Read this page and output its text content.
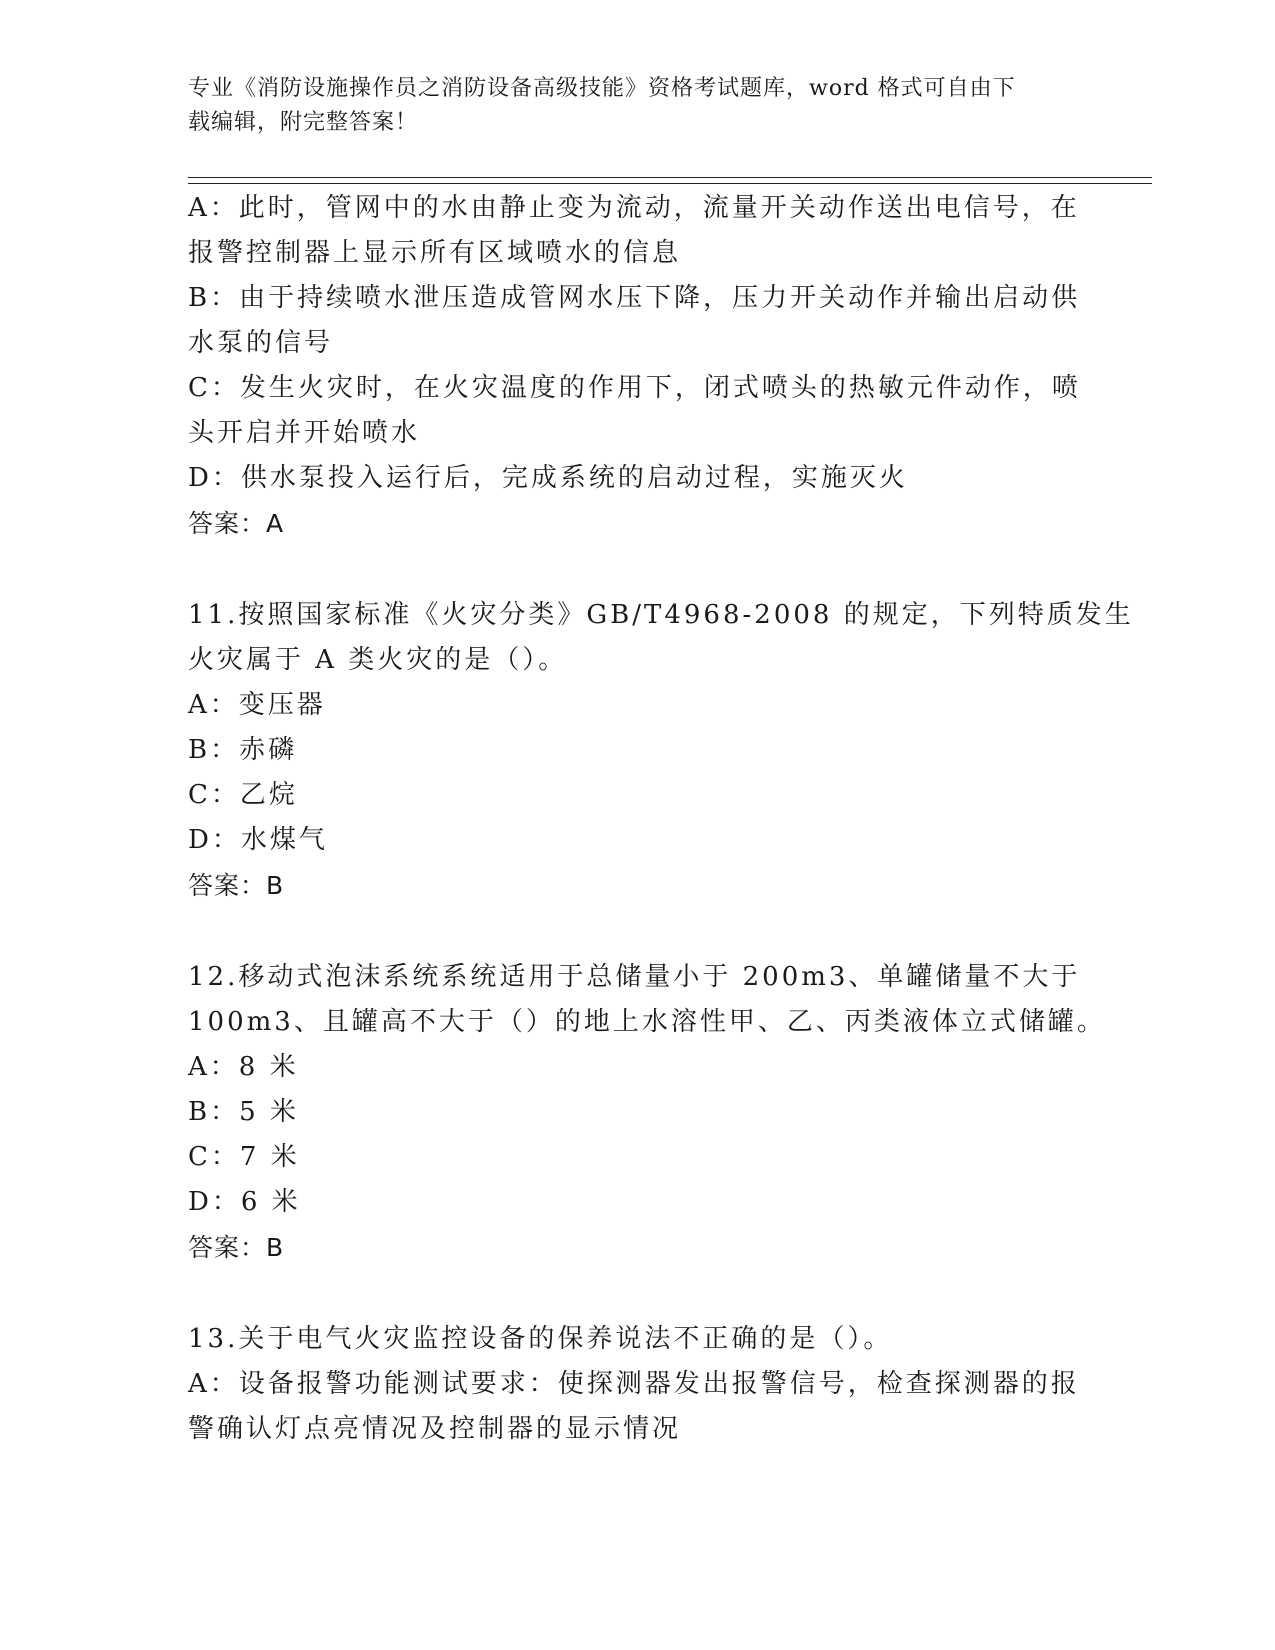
专业《消防设施操作员之消防设备高级技能》资格考试题库，word 格式可自由下
载编辑，附完整答案！
A：此时，管网中的水由静止变为流动，流量开关动作送出电信号，在
报警控制器上显示所有区域喷水的信息
B：由于持续喷水泄压造成管网水压下降，压力开关动作并输出启动供
水泵的信号
C：发生火灾时，在火灾温度的作用下，闭式喷头的热敏元件动作，喷
头开启并开始喷水
D：供水泵投入运行后，完成系统的启动过程，实施灭火
答案：A
11.按照国家标准《火灾分类》GB/T4968-2008 的规定，下列特质发生
火灾属于 A 类火灾的是（）。
A：变压器
B：赤磷
C：乙烷
D：水煤气
答案：B
12.移动式泡沫系统系统适用于总储量小于 200m3、单罐储量不大于
100m3、且罐高不大于（）的地上水溶性甲、乙、丙类液体立式储罐。
A：8 米
B：5 米
C：7 米
D：6 米
答案：B
13.关于电气火灾监控设备的保养说法不正确的是（）。
A：设备报警功能测试要求：使探测器发出报警信号，检查探测器的报
警确认灯点亮情况及控制器的显示情况
